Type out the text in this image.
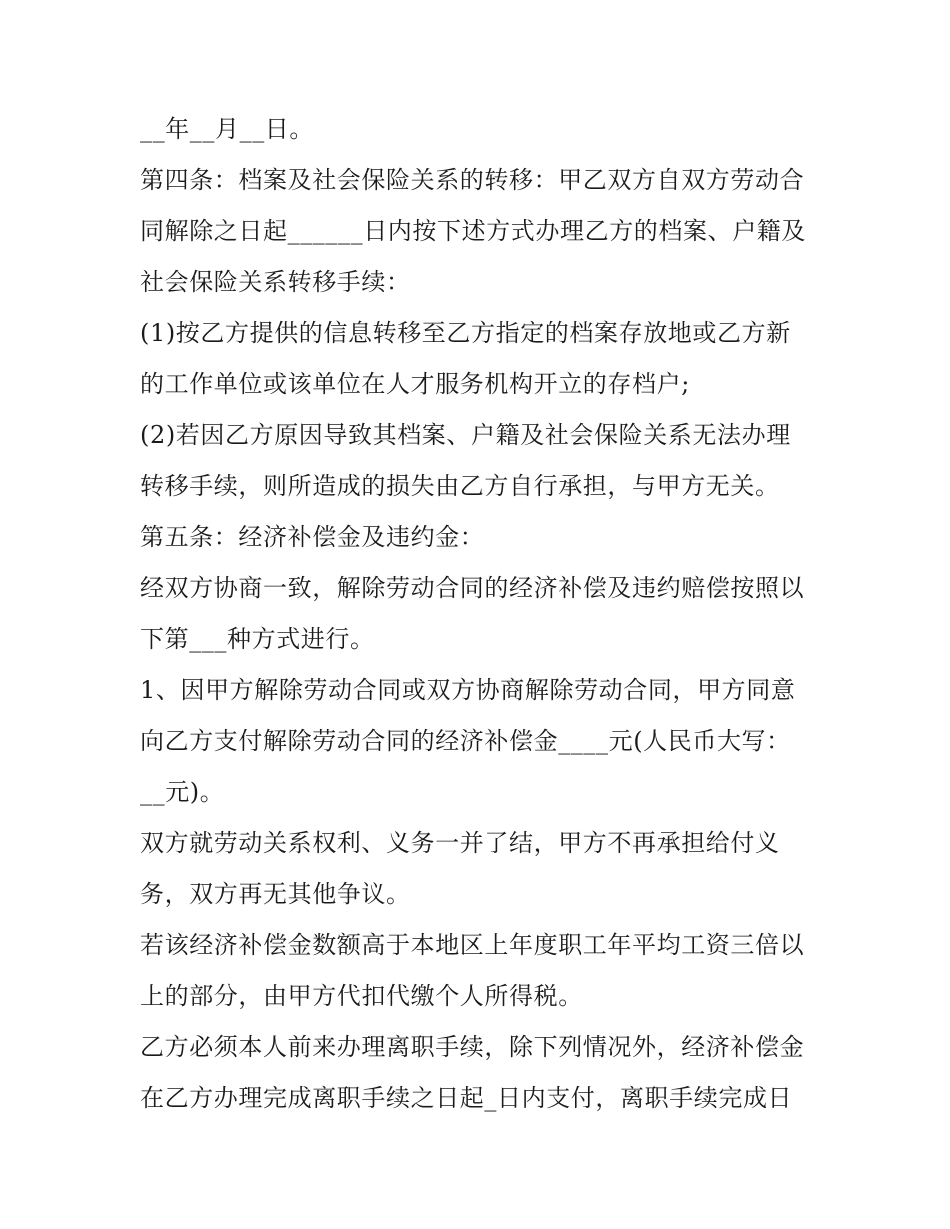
__年__月__日。

第四条：档案及社会保险关系的转移：甲乙双方自双方劳动合

同解除之日起______日内按下述方式办理乙方的档案、户籍及

社会保险关系转移手续：

(1)按乙方提供的信息转移至乙方指定的档案存放地或乙方新

的工作单位或该单位在人才服务机构开立的存档户;

(2)若因乙方原因导致其档案、户籍及社会保险关系无法办理

转移手续，则所造成的损失由乙方自行承担，与甲方无关。

第五条：经济补偿金及违约金：

经双方协商一致，解除劳动合同的经济补偿及违约赔偿按照以

下第___种方式进行。

1、因甲方解除劳动合同或双方协商解除劳动合同，甲方同意

向乙方支付解除劳动合同的经济补偿金____元(人民币大写：

__元)。

双方就劳动关系权利、义务一并了结，甲方不再承担给付义

务，双方再无其他争议。

若该经济补偿金数额高于本地区上年度职工年平均工资三倍以

上的部分，由甲方代扣代缴个人所得税。

乙方必须本人前来办理离职手续，除下列情况外，经济补偿金

在乙方办理完成离职手续之日起_日内支付，离职手续完成日
